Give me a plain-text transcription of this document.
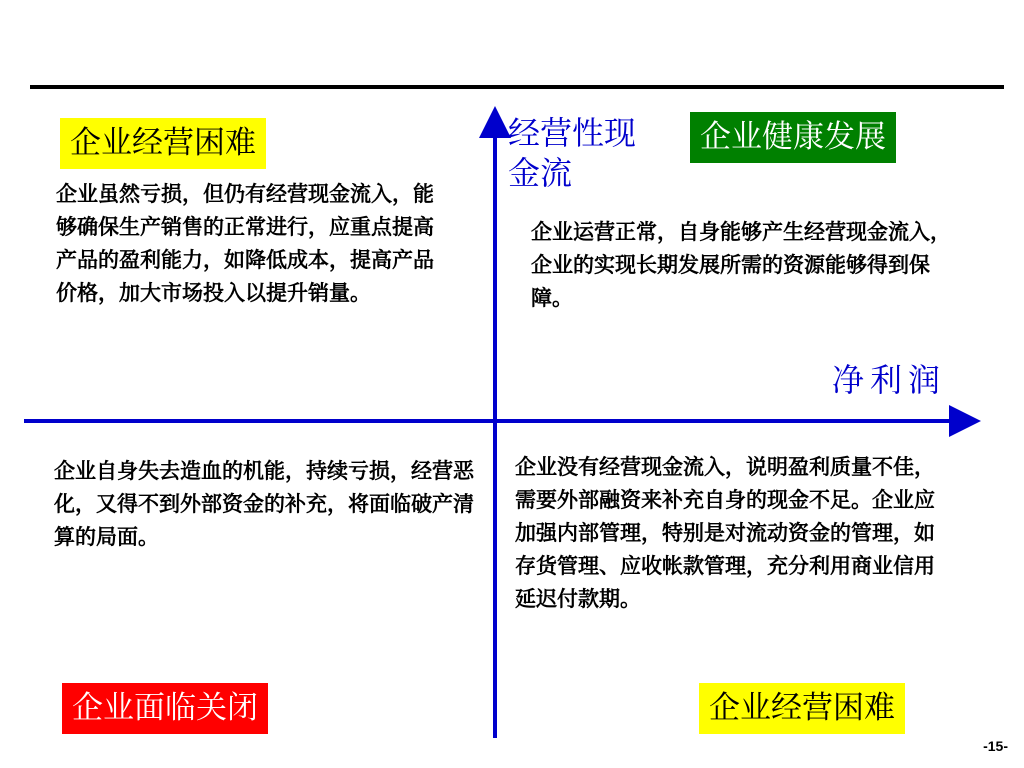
企业经营困难	企业健康发展
企业面临关闭	企业经营困难
经营性现金流
净利润

企业虽然亏损，但仍有经营现金流入，能够确保生产销售的正常进行，应重点提高产品的盈利能力，如降低成本，提高产品价格，加大市场投入以提升销量。

企业运营正常，自身能够产生经营现金流入，企业的实现长期发展所需的资源能够得到保障。

企业自身失去造血的机能，持续亏损，经营恶化，又得不到外部资金的补充，将面临破产清算的局面。

企业没有经营现金流入，说明盈利质量不佳，需要外部融资来补充自身的现金不足。企业应加强内部管理，特别是对流动资金的管理，如存货管理、应收帐款管理，充分利用商业信用延迟付款期。

-15-
